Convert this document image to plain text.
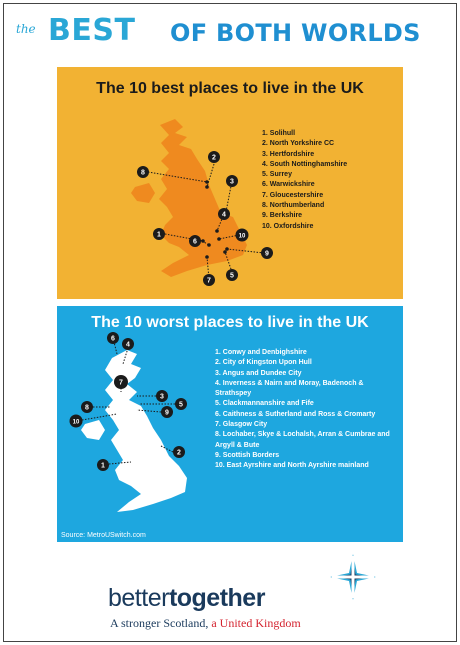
the BEST OF BOTH WORLDS
The 10 best places to live in the UK
1
2
3
4
5
6
7
8
9
10
1. Solihull
2. North Yorkshire CC
3. Hertfordshire
4. South Nottinghamshire
5. Surrey
6. Warwickshire
7. Gloucestershire
8. Northumberland
9. Berkshire
10. Oxfordshire
The 10 worst places to live in the UK
1
2
3
4
5
6
7
8
9
10
1. Conwy and Denbighshire
2. City of Kingston Upon Hull
3. Angus and Dundee City
4. Inverness & Nairn and Moray, Badenoch & Strathspey
5. Clackmannanshire and Fife
6. Caithness & Sutherland and Ross & Cromarty
7. Glasgow City
8. Lochaber, Skye & Lochalsh, Arran & Cumbrae and Argyll & Bute
9. Scottish Borders
10. East Ayrshire and North Ayrshire mainland
Source: MetroUSwitch.com
bettertogether
A stronger Scotland, a United Kingdom
